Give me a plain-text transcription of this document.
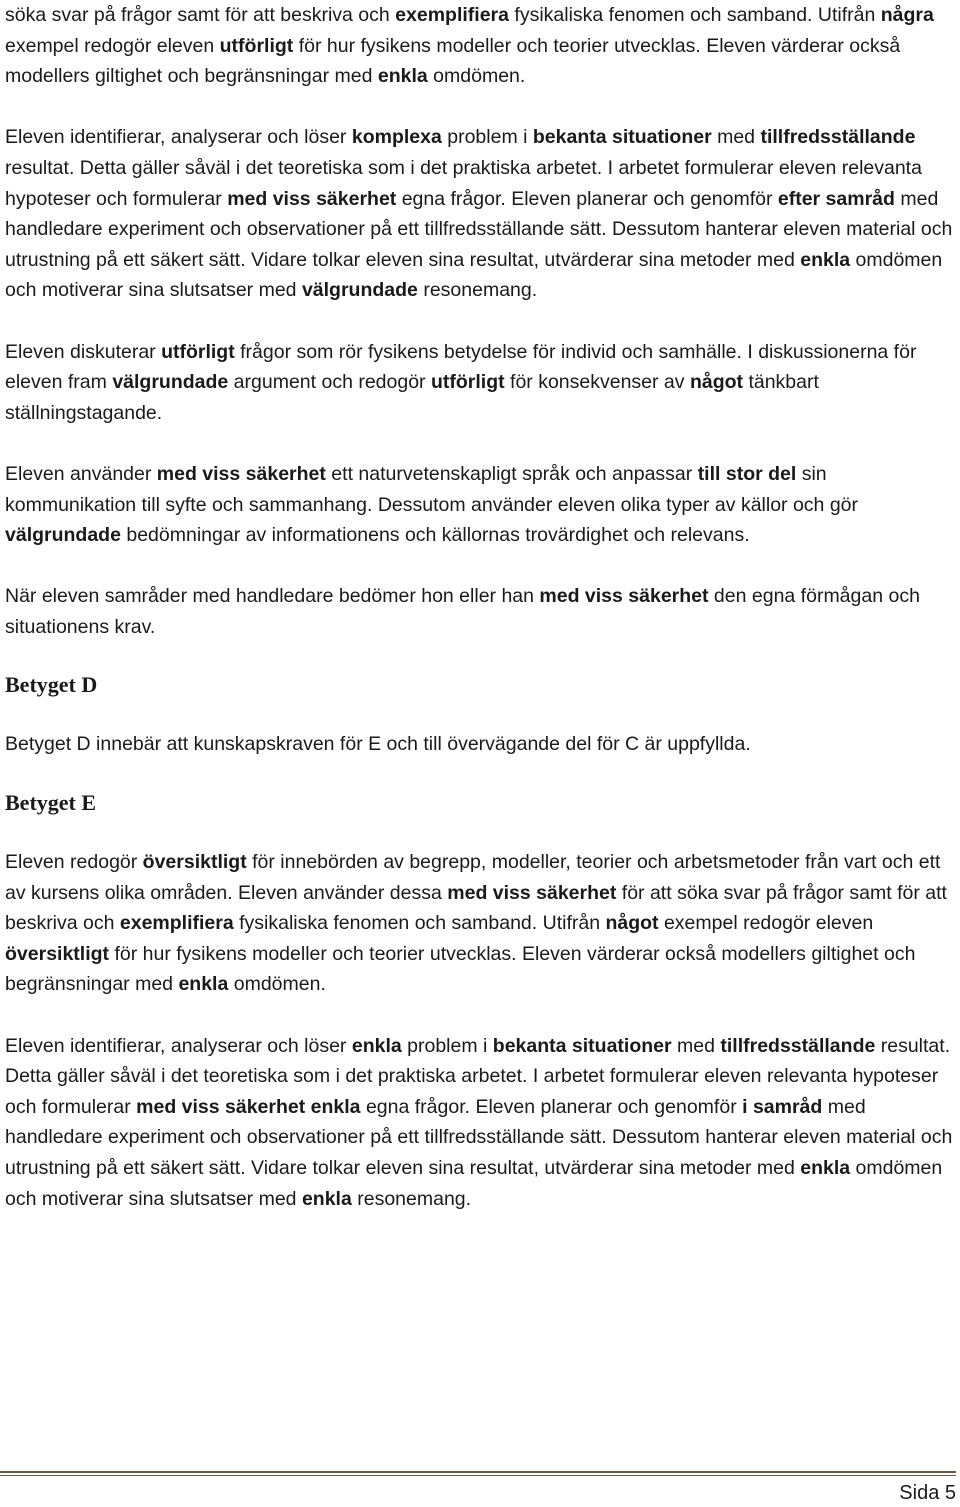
söka svar på frågor samt för att beskriva och exemplifiera fysikaliska fenomen och samband. Utifrån några exempel redogör eleven utförligt för hur fysikens modeller och teorier utvecklas. Eleven värderar också modellers giltighet och begränsningar med enkla omdömen.

Eleven identifierar, analyserar och löser komplexa problem i bekanta situationer med tillfredsställande resultat. Detta gäller såväl i det teoretiska som i det praktiska arbetet. I arbetet formulerar eleven relevanta hypoteser och formulerar med viss säkerhet egna frågor. Eleven planerar och genomför efter samråd med handledare experiment och observationer på ett tillfredsställande sätt. Dessutom hanterar eleven material och utrustning på ett säkert sätt. Vidare tolkar eleven sina resultat, utvärderar sina metoder med enkla omdömen och motiverar sina slutsatser med välgrundade resonemang.

Eleven diskuterar utförligt frågor som rör fysikens betydelse för individ och samhälle. I diskussionerna för eleven fram välgrundade argument och redogör utförligt för konsekvenser av något tänkbart ställningstagande.

Eleven använder med viss säkerhet ett naturvetenskapligt språk och anpassar till stor del sin kommunikation till syfte och sammanhang. Dessutom använder eleven olika typer av källor och gör välgrundade bedömningar av informationens och källornas trovärdighet och relevans.

När eleven samråder med handledare bedömer hon eller han med viss säkerhet den egna förmågan och situationens krav.

Betyget D

Betyget D innebär att kunskapskraven för E och till övervägande del för C är uppfyllda.

Betyget E

Eleven redogör översiktligt för innebörden av begrepp, modeller, teorier och arbetsmetoder från vart och ett av kursens olika områden. Eleven använder dessa med viss säkerhet för att söka svar på frågor samt för att beskriva och exemplifiera fysikaliska fenomen och samband. Utifrån något exempel redogör eleven översiktligt för hur fysikens modeller och teorier utvecklas. Eleven värderar också modellers giltighet och begränsningar med enkla omdömen.

Eleven identifierar, analyserar och löser enkla problem i bekanta situationer med tillfredsställande resultat. Detta gäller såväl i det teoretiska som i det praktiska arbetet. I arbetet formulerar eleven relevanta hypoteser och formulerar med viss säkerhet enkla egna frågor. Eleven planerar och genomför i samråd med handledare experiment och observationer på ett tillfredsställande sätt. Dessutom hanterar eleven material och utrustning på ett säkert sätt. Vidare tolkar eleven sina resultat, utvärderar sina metoder med enkla omdömen och motiverar sina slutsatser med enkla resonemang.

Sida 5
